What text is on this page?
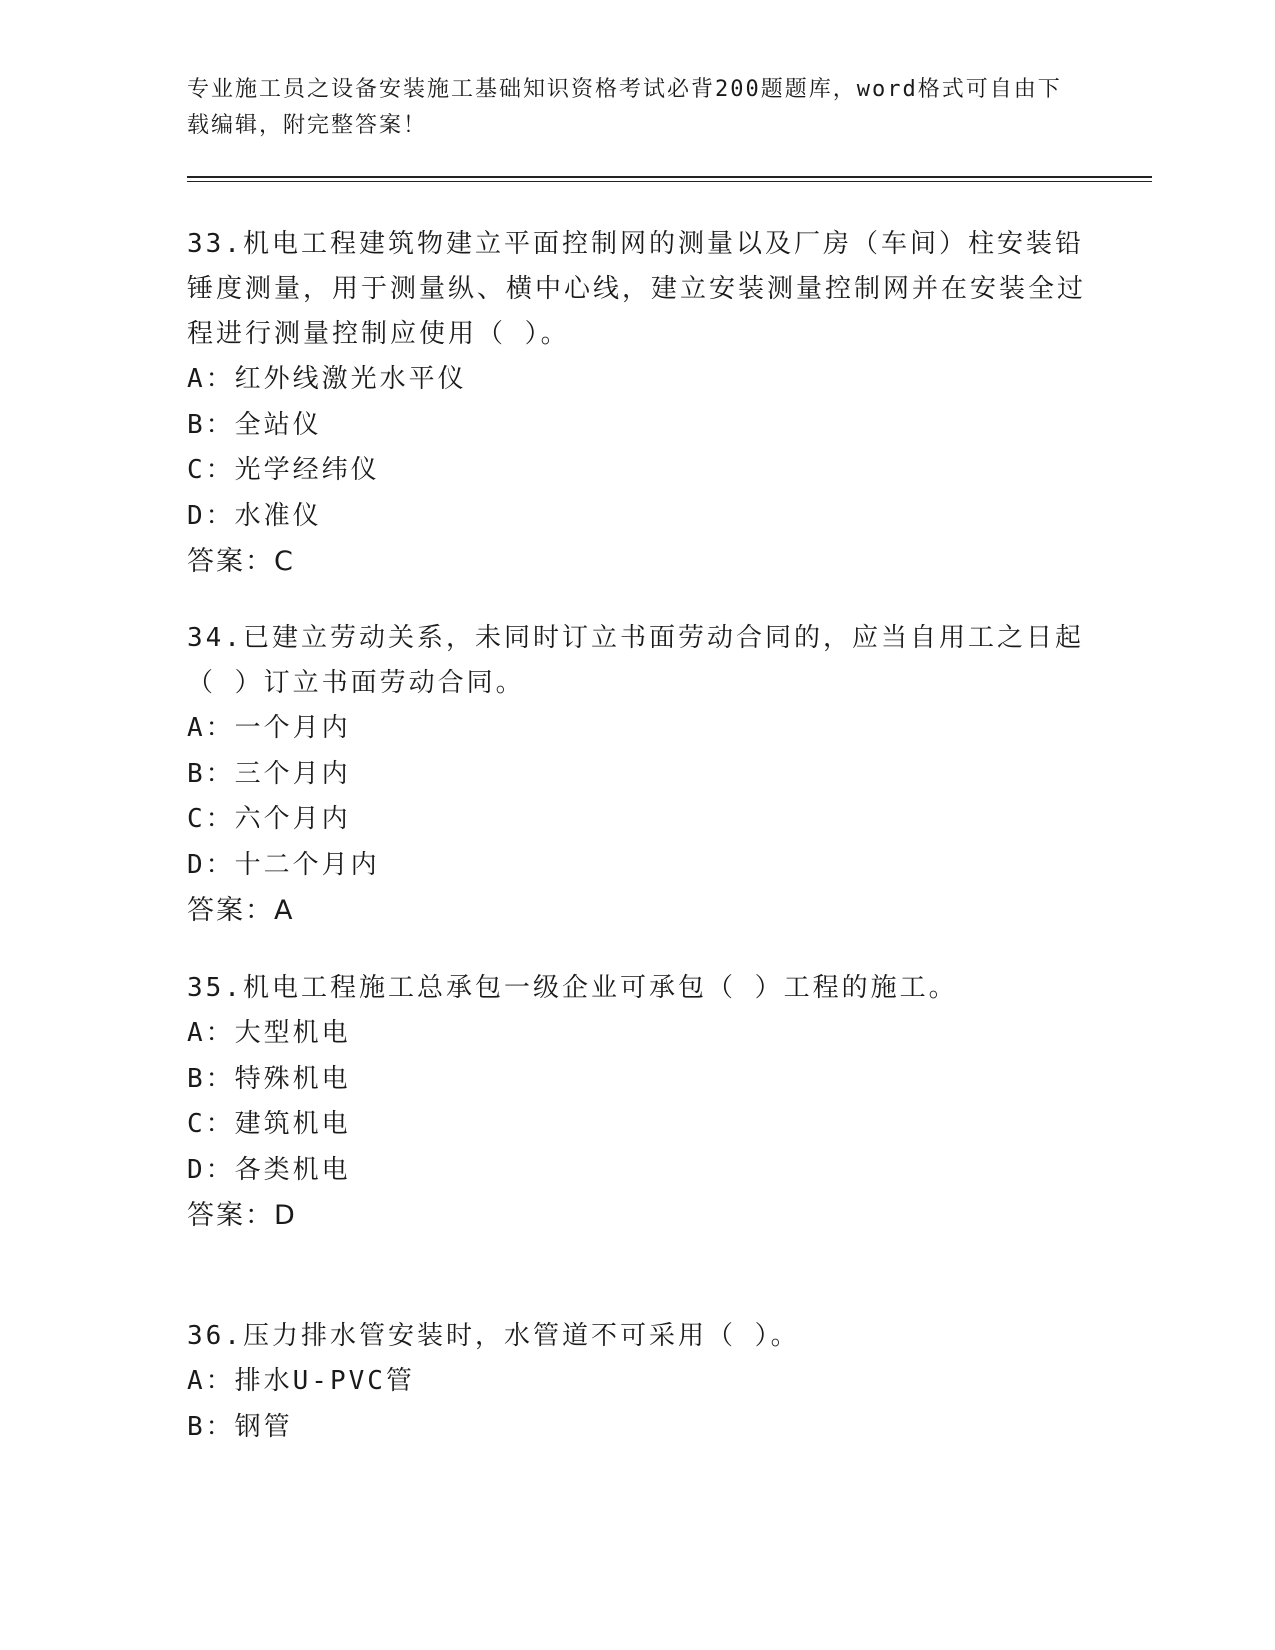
专业施工员之设备安装施工基础知识资格考试必背200题题库，word格式可自由下载编辑，附完整答案！

33.机电工程建筑物建立平面控制网的测量以及厂房（车间）柱安装铅锤度测量，用于测量纵、横中心线，建立安装测量控制网并在安装全过程进行测量控制应使用（ ）。

A：红外线激光水平仪

B：全站仪

C：光学经纬仪

D：水准仪

答案：C

34.已建立劳动关系，未同时订立书面劳动合同的，应当自用工之日起（ ）订立书面劳动合同。

A：一个月内

B：三个月内

C：六个月内

D：十二个月内

答案：A

35.机电工程施工总承包一级企业可承包（ ）工程的施工。

A：大型机电

B：特殊机电

C：建筑机电

D：各类机电

答案：D

36.压力排水管安装时，水管道不可采用（ ）。

A：排水U-PVC管

B：钢管
